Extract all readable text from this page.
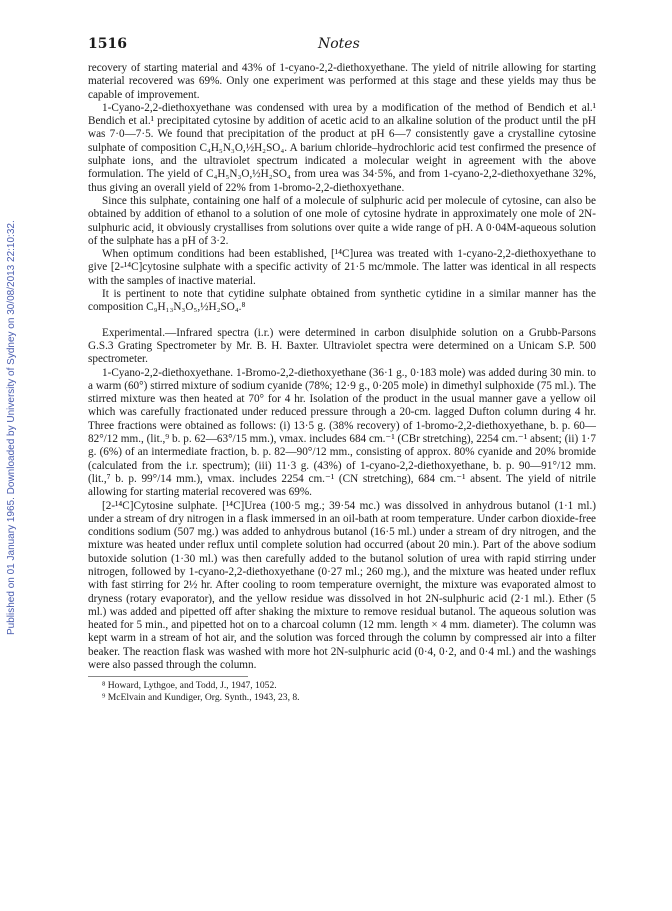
Published on 01 January 1965. Downloaded by University of Sydney on 30/08/2013 22:10:32.
1516	Notes

recovery of starting material and 43% of 1-cyano-2,2-diethoxyethane. The yield of nitrile allowing for starting material recovered was 69%. Only one experiment was performed at this stage and these yields may thus be capable of improvement.

1-Cyano-2,2-diethoxyethane was condensed with urea by a modification of the method of Bendich et al.¹ Bendich et al.¹ precipitated cytosine by addition of acetic acid to an alkaline solution of the product until the pH was 7·0—7·5. We found that precipitation of the product at pH 6—7 consistently gave a crystalline cytosine sulphate of composition C₄H₅N₃O,½H₂SO₄. A barium chloride–hydrochloric acid test confirmed the presence of sulphate ions, and the ultraviolet spectrum indicated a molecular weight in agreement with the above formulation. The yield of C₄H₅N₃O,½H₂SO₄ from urea was 34·5%, and from 1-cyano-2,2-diethoxyethane 32%, thus giving an overall yield of 22% from 1-bromo-2,2-diethoxyethane.

Since this sulphate, containing one half of a molecule of sulphuric acid per molecule of cytosine, can also be obtained by addition of ethanol to a solution of one mole of cytosine hydrate in approximately one mole of 2N-sulphuric acid, it obviously crystallises from solutions over quite a wide range of pH. A 0·04M-aqueous solution of the sulphate has a pH of 3·2.

When optimum conditions had been established, [¹⁴C]urea was treated with 1-cyano-2,2-diethoxyethane to give [2-¹⁴C]cytosine sulphate with a specific activity of 21·5 mc/mmole. The latter was identical in all respects with the samples of inactive material.

It is pertinent to note that cytidine sulphate obtained from synthetic cytidine in a similar manner has the composition C₉H₁₃N₃O₅,½H₂SO₄.⁸

Experimental.—Infrared spectra (i.r.) were determined in carbon disulphide solution on a Grubb-Parsons G.S.3 Grating Spectrometer by Mr. B. H. Baxter. Ultraviolet spectra were determined on a Unicam S.P. 500 spectrometer.

1-Cyano-2,2-diethoxyethane. 1-Bromo-2,2-diethoxyethane (36·1 g., 0·183 mole) was added during 30 min. to a warm (60°) stirred mixture of sodium cyanide (78%; 12·9 g., 0·205 mole) in dimethyl sulphoxide (75 ml.). The stirred mixture was then heated at 70° for 4 hr. Isolation of the product in the usual manner gave a yellow oil which was carefully fractionated under reduced pressure through a 20-cm. lagged Dufton column during 4 hr. Three fractions were obtained as follows: (i) 13·5 g. (38% recovery) of 1-bromo-2,2-diethoxyethane, b. p. 60—82°/12 mm., (lit.,⁹ b. p. 62—63°/15 mm.), νmax. includes 684 cm.⁻¹ (CBr stretching), 2254 cm.⁻¹ absent; (ii) 1·7 g. (6%) of an intermediate fraction, b. p. 82—90°/12 mm., consisting of approx. 80% cyanide and 20% bromide (calculated from the i.r. spectrum); (iii) 11·3 g. (43%) of 1-cyano-2,2-diethoxyethane, b. p. 90—91°/12 mm. (lit.,⁷ b. p. 99°/14 mm.), νmax. includes 2254 cm.⁻¹ (CN stretching), 684 cm.⁻¹ absent. The yield of nitrile allowing for starting material recovered was 69%.

[2-¹⁴C]Cytosine sulphate. [¹⁴C]Urea (100·5 mg.; 39·54 mc.) was dissolved in anhydrous butanol (1·1 ml.) under a stream of dry nitrogen in a flask immersed in an oil-bath at room temperature. Under carbon dioxide-free conditions sodium (507 mg.) was added to anhydrous butanol (16·5 ml.) under a stream of dry nitrogen, and the mixture was heated under reflux until complete solution had occurred (about 20 min.). Part of the above sodium butoxide solution (1·30 ml.) was then carefully added to the butanol solution of urea with rapid stirring under nitrogen, followed by 1-cyano-2,2-diethoxyethane (0·27 ml.; 260 mg.), and the mixture was heated under reflux with fast stirring for 2½ hr. After cooling to room temperature overnight, the mixture was evaporated almost to dryness (rotary evaporator), and the yellow residue was dissolved in hot 2N-sulphuric acid (2·1 ml.). Ether (5 ml.) was added and pipetted off after shaking the mixture to remove residual butanol. The aqueous solution was heated for 5 min., and pipetted hot on to a charcoal column (12 mm. length × 4 mm. diameter). The column was kept warm in a stream of hot air, and the solution was forced through the column by compressed air into a filter beaker. The reaction flask was washed with more hot 2N-sulphuric acid (0·4, 0·2, and 0·4 ml.) and the washings were also passed through the column.

⁸ Howard, Lythgoe, and Todd, J., 1947, 1052.

⁹ McElvain and Kundiger, Org. Synth., 1943, 23, 8.
